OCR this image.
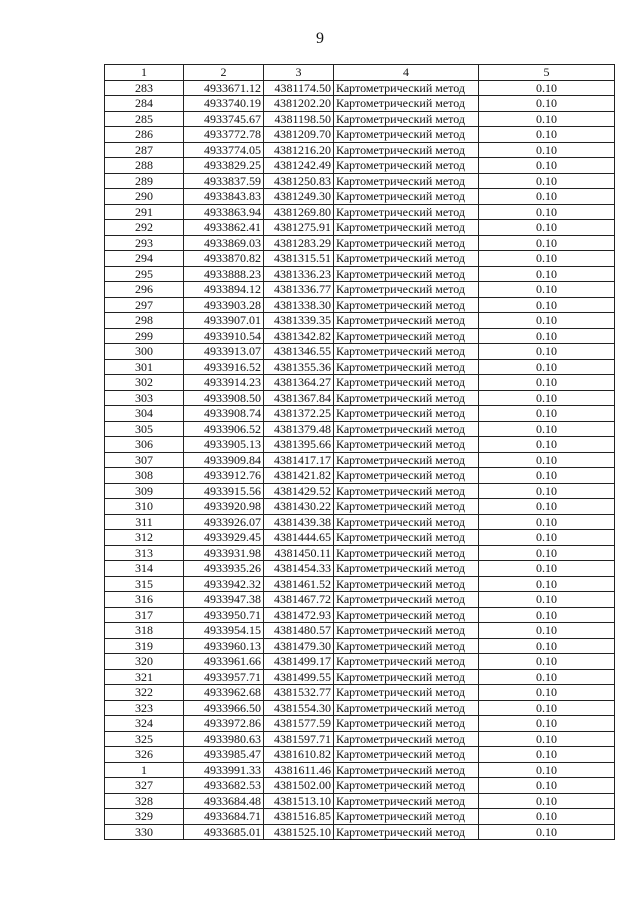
9
1	2	3	4	5
283	4933671.12	4381174.50	Картометрический метод	0.10
284	4933740.19	4381202.20	Картометрический метод	0.10
285	4933745.67	4381198.50	Картометрический метод	0.10
286	4933772.78	4381209.70	Картометрический метод	0.10
287	4933774.05	4381216.20	Картометрический метод	0.10
288	4933829.25	4381242.49	Картометрический метод	0.10
289	4933837.59	4381250.83	Картометрический метод	0.10
290	4933843.83	4381249.30	Картометрический метод	0.10
291	4933863.94	4381269.80	Картометрический метод	0.10
292	4933862.41	4381275.91	Картометрический метод	0.10
293	4933869.03	4381283.29	Картометрический метод	0.10
294	4933870.82	4381315.51	Картометрический метод	0.10
295	4933888.23	4381336.23	Картометрический метод	0.10
296	4933894.12	4381336.77	Картометрический метод	0.10
297	4933903.28	4381338.30	Картометрический метод	0.10
298	4933907.01	4381339.35	Картометрический метод	0.10
299	4933910.54	4381342.82	Картометрический метод	0.10
300	4933913.07	4381346.55	Картометрический метод	0.10
301	4933916.52	4381355.36	Картометрический метод	0.10
302	4933914.23	4381364.27	Картометрический метод	0.10
303	4933908.50	4381367.84	Картометрический метод	0.10
304	4933908.74	4381372.25	Картометрический метод	0.10
305	4933906.52	4381379.48	Картометрический метод	0.10
306	4933905.13	4381395.66	Картометрический метод	0.10
307	4933909.84	4381417.17	Картометрический метод	0.10
308	4933912.76	4381421.82	Картометрический метод	0.10
309	4933915.56	4381429.52	Картометрический метод	0.10
310	4933920.98	4381430.22	Картометрический метод	0.10
311	4933926.07	4381439.38	Картометрический метод	0.10
312	4933929.45	4381444.65	Картометрический метод	0.10
313	4933931.98	4381450.11	Картометрический метод	0.10
314	4933935.26	4381454.33	Картометрический метод	0.10
315	4933942.32	4381461.52	Картометрический метод	0.10
316	4933947.38	4381467.72	Картометрический метод	0.10
317	4933950.71	4381472.93	Картометрический метод	0.10
318	4933954.15	4381480.57	Картометрический метод	0.10
319	4933960.13	4381479.30	Картометрический метод	0.10
320	4933961.66	4381499.17	Картометрический метод	0.10
321	4933957.71	4381499.55	Картометрический метод	0.10
322	4933962.68	4381532.77	Картометрический метод	0.10
323	4933966.50	4381554.30	Картометрический метод	0.10
324	4933972.86	4381577.59	Картометрический метод	0.10
325	4933980.63	4381597.71	Картометрический метод	0.10
326	4933985.47	4381610.82	Картометрический метод	0.10
1	4933991.33	4381611.46	Картометрический метод	0.10
327	4933682.53	4381502.00	Картометрический метод	0.10
328	4933684.48	4381513.10	Картометрический метод	0.10
329	4933684.71	4381516.85	Картометрический метод	0.10
330	4933685.01	4381525.10	Картометрический метод	0.10
